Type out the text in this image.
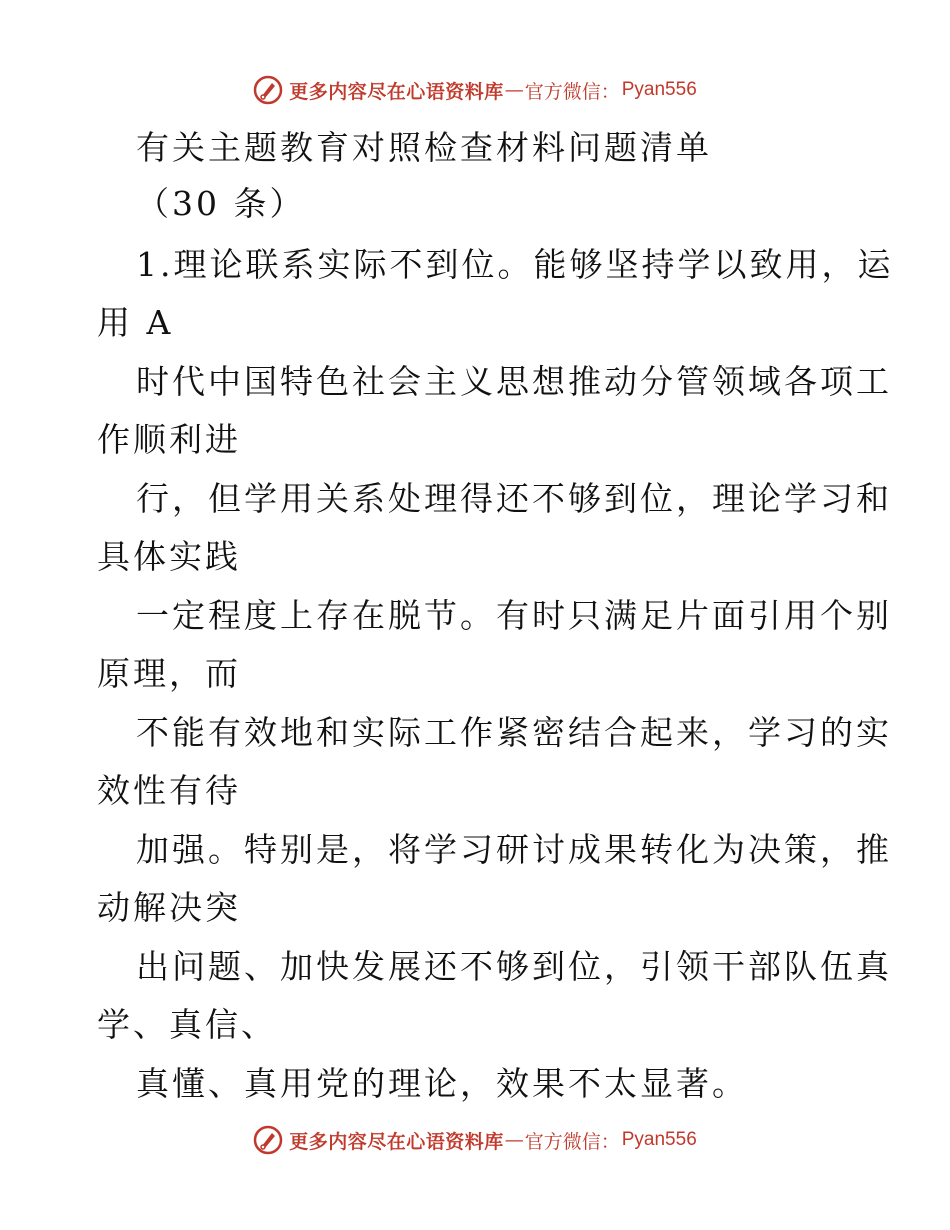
更多内容尽在心语资料库 — 官方微信： Pyan556
有关主题教育对照检查材料问题清单
（30 条）
1.理论联系实际不到位。能够坚持学以致用，运
用 A
时代中国特色社会主义思想推动分管领域各项工
作顺利进
行，但学用关系处理得还不够到位，理论学习和
具体实践
一定程度上存在脱节。有时只满足片面引用个别
原理，而
不能有效地和实际工作紧密结合起来，学习的实
效性有待
加强。特别是，将学习研讨成果转化为决策，推
动解决突
出问题、加快发展还不够到位，引领干部队伍真
学、真信、
真懂、真用党的理论，效果不太显著。
更多内容尽在心语资料库 — 官方微信： Pyan556
